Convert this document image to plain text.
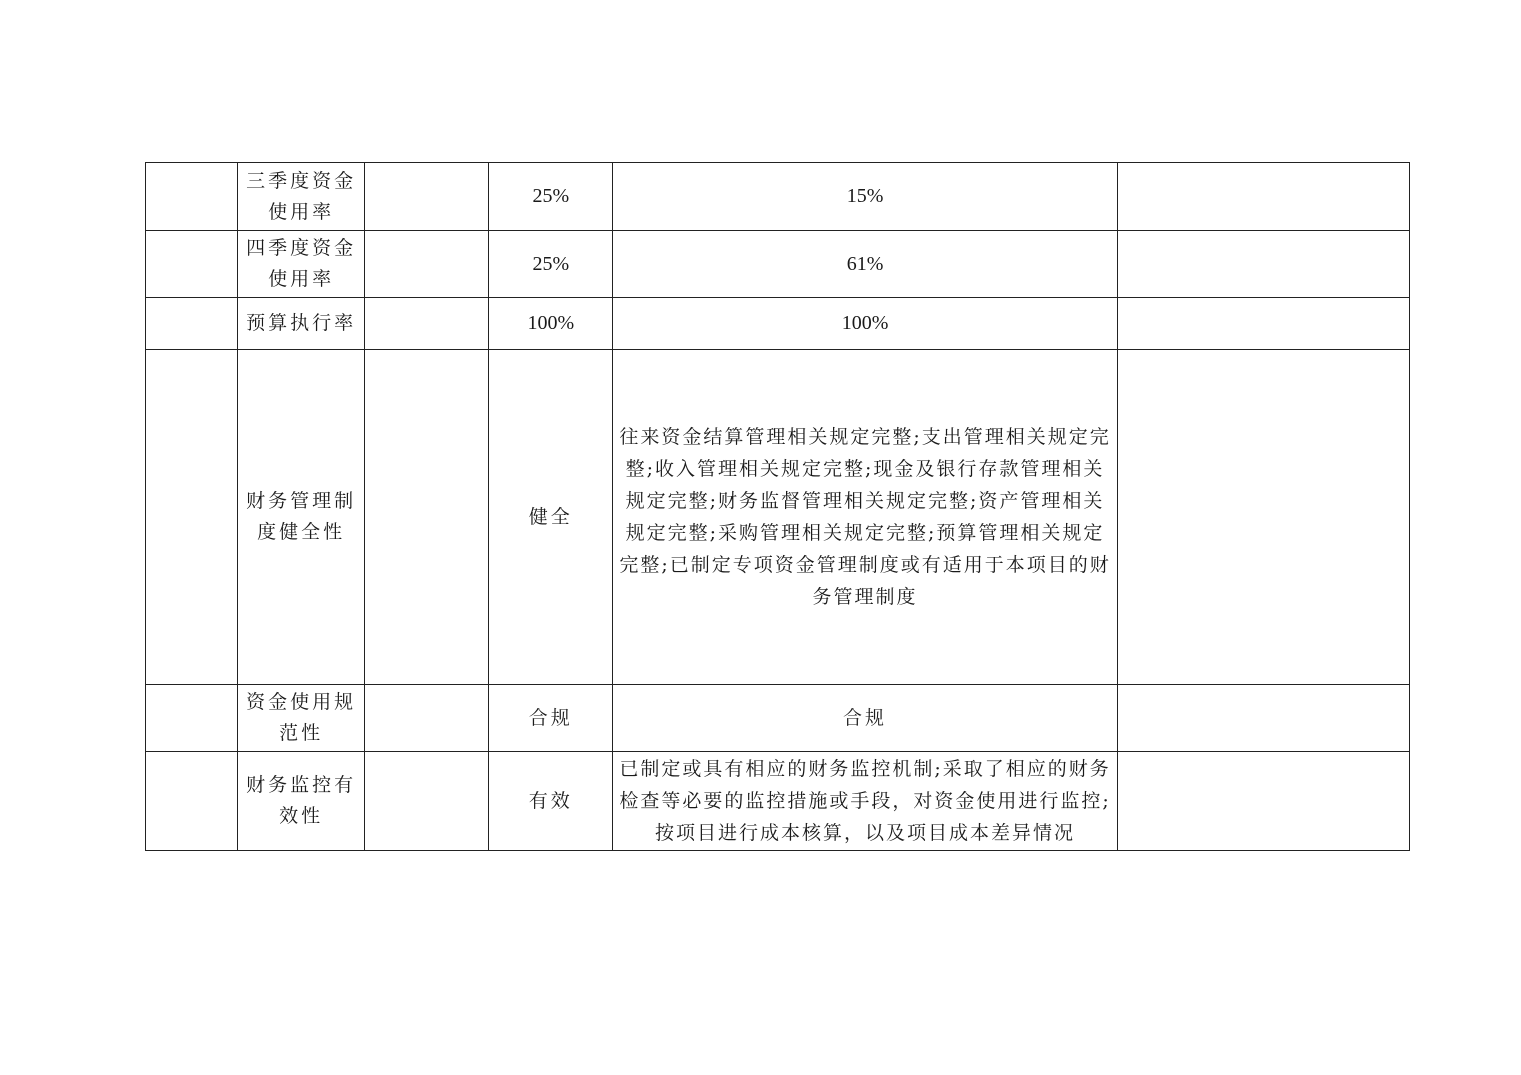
	三季度资金使用率		25%	15%	
	四季度资金使用率		25%	61%	
	预算执行率		100%	100%	
	财务管理制度健全性		健全	往来资金结算管理相关规定完整;支出管理相关规定完整;收入管理相关规定完整;现金及银行存款管理相关规定完整;财务监督管理相关规定完整;资产管理相关规定完整;采购管理相关规定完整;预算管理相关规定完整;已制定专项资金管理制度或有适用于本项目的财务管理制度	
	资金使用规范性		合规	合规	
	财务监控有效性		有效	已制定或具有相应的财务监控机制;采取了相应的财务检查等必要的监控措施或手段，对资金使用进行监控;按项目进行成本核算，以及项目成本差异情况	
